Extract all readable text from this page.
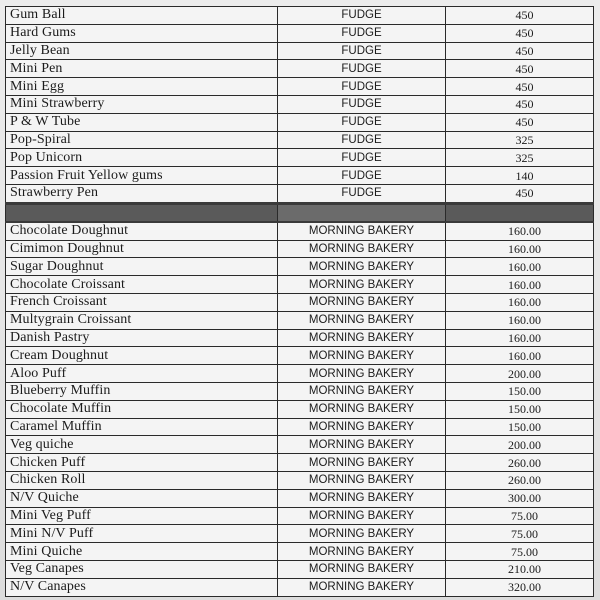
Gum Ball	FUDGE	450
Hard Gums	FUDGE	450
Jelly Bean	FUDGE	450
Mini Pen	FUDGE	450
Mini Egg	FUDGE	450
Mini Strawberry	FUDGE	450
P & W Tube	FUDGE	450
Pop-Spiral	FUDGE	325
Pop Unicorn	FUDGE	325
Passion Fruit Yellow gums	FUDGE	140
Strawberry Pen	FUDGE	450

Chocolate Doughnut	MORNING BAKERY	160.00
Cimimon Doughnut	MORNING BAKERY	160.00
Sugar Doughnut	MORNING BAKERY	160.00
Chocolate Croissant	MORNING BAKERY	160.00
French Croissant	MORNING BAKERY	160.00
Multygrain Croissant	MORNING BAKERY	160.00
Danish Pastry	MORNING BAKERY	160.00
Cream Doughnut	MORNING BAKERY	160.00
Aloo Puff	MORNING BAKERY	200.00
Blueberry Muffin	MORNING BAKERY	150.00
Chocolate Muffin	MORNING BAKERY	150.00
Caramel Muffin	MORNING BAKERY	150.00
Veg quiche	MORNING BAKERY	200.00
Chicken Puff	MORNING BAKERY	260.00
Chicken Roll	MORNING BAKERY	260.00
N/V Quiche	MORNING BAKERY	300.00
Mini Veg Puff	MORNING BAKERY	75.00
Mini N/V Puff	MORNING BAKERY	75.00
Mini Quiche	MORNING BAKERY	75.00
Veg Canapes	MORNING BAKERY	210.00
N/V Canapes	MORNING BAKERY	320.00
